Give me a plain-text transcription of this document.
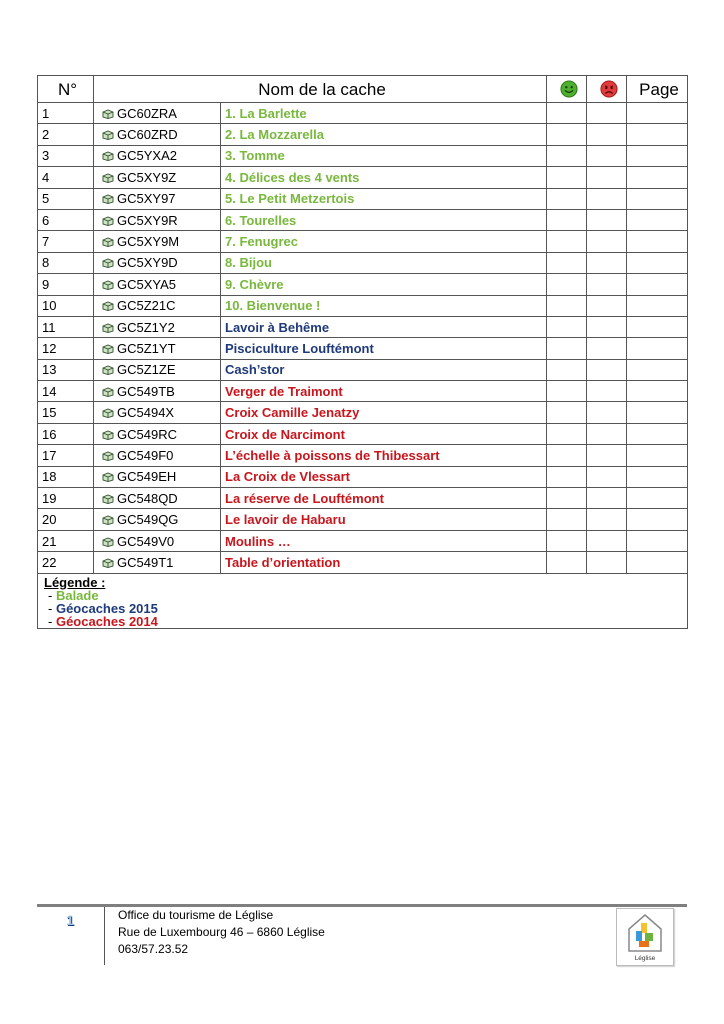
N°	Nom de la cache				Page
1	GC60ZRA	1. La Barlette			
2	GC60ZRD	2. La Mozzarella			
3	GC5YXA2	3. Tomme			
4	GC5XY9Z	4. Délices des 4 vents			
5	GC5XY97	5. Le Petit Metzertois			
6	GC5XY9R	6. Tourelles			
7	GC5XY9M	7. Fenugrec			
8	GC5XY9D	8. Bijou			
9	GC5XYA5	9. Chèvre			
10	GC5Z21C	10. Bienvenue !			
11	GC5Z1Y2	Lavoir à Behême			
12	GC5Z1YT	Pisciculture Louftémont			
13	GC5Z1ZE	Cash’stor			
14	GC549TB	Verger de Traimont			
15	GC5494X	Croix Camille Jenatzy			
16	GC549RC	Croix de Narcimont			
17	GC549F0	L’échelle à poissons de Thibessart			
18	GC549EH	La Croix de Vlessart			
19	GC548QD	La réserve de Louftémont			
20	GC549QG	Le lavoir de Habaru			
21	GC549V0	Moulins …			
22	GC549T1	Table d’orientation			

Légende :
- Balade
- Géocaches 2015
- Géocaches 2014					
1	Office du tourisme de Léglise
Rue de Luxembourg 46 – 6860 Léglise
063/57.23.52
Léglise
